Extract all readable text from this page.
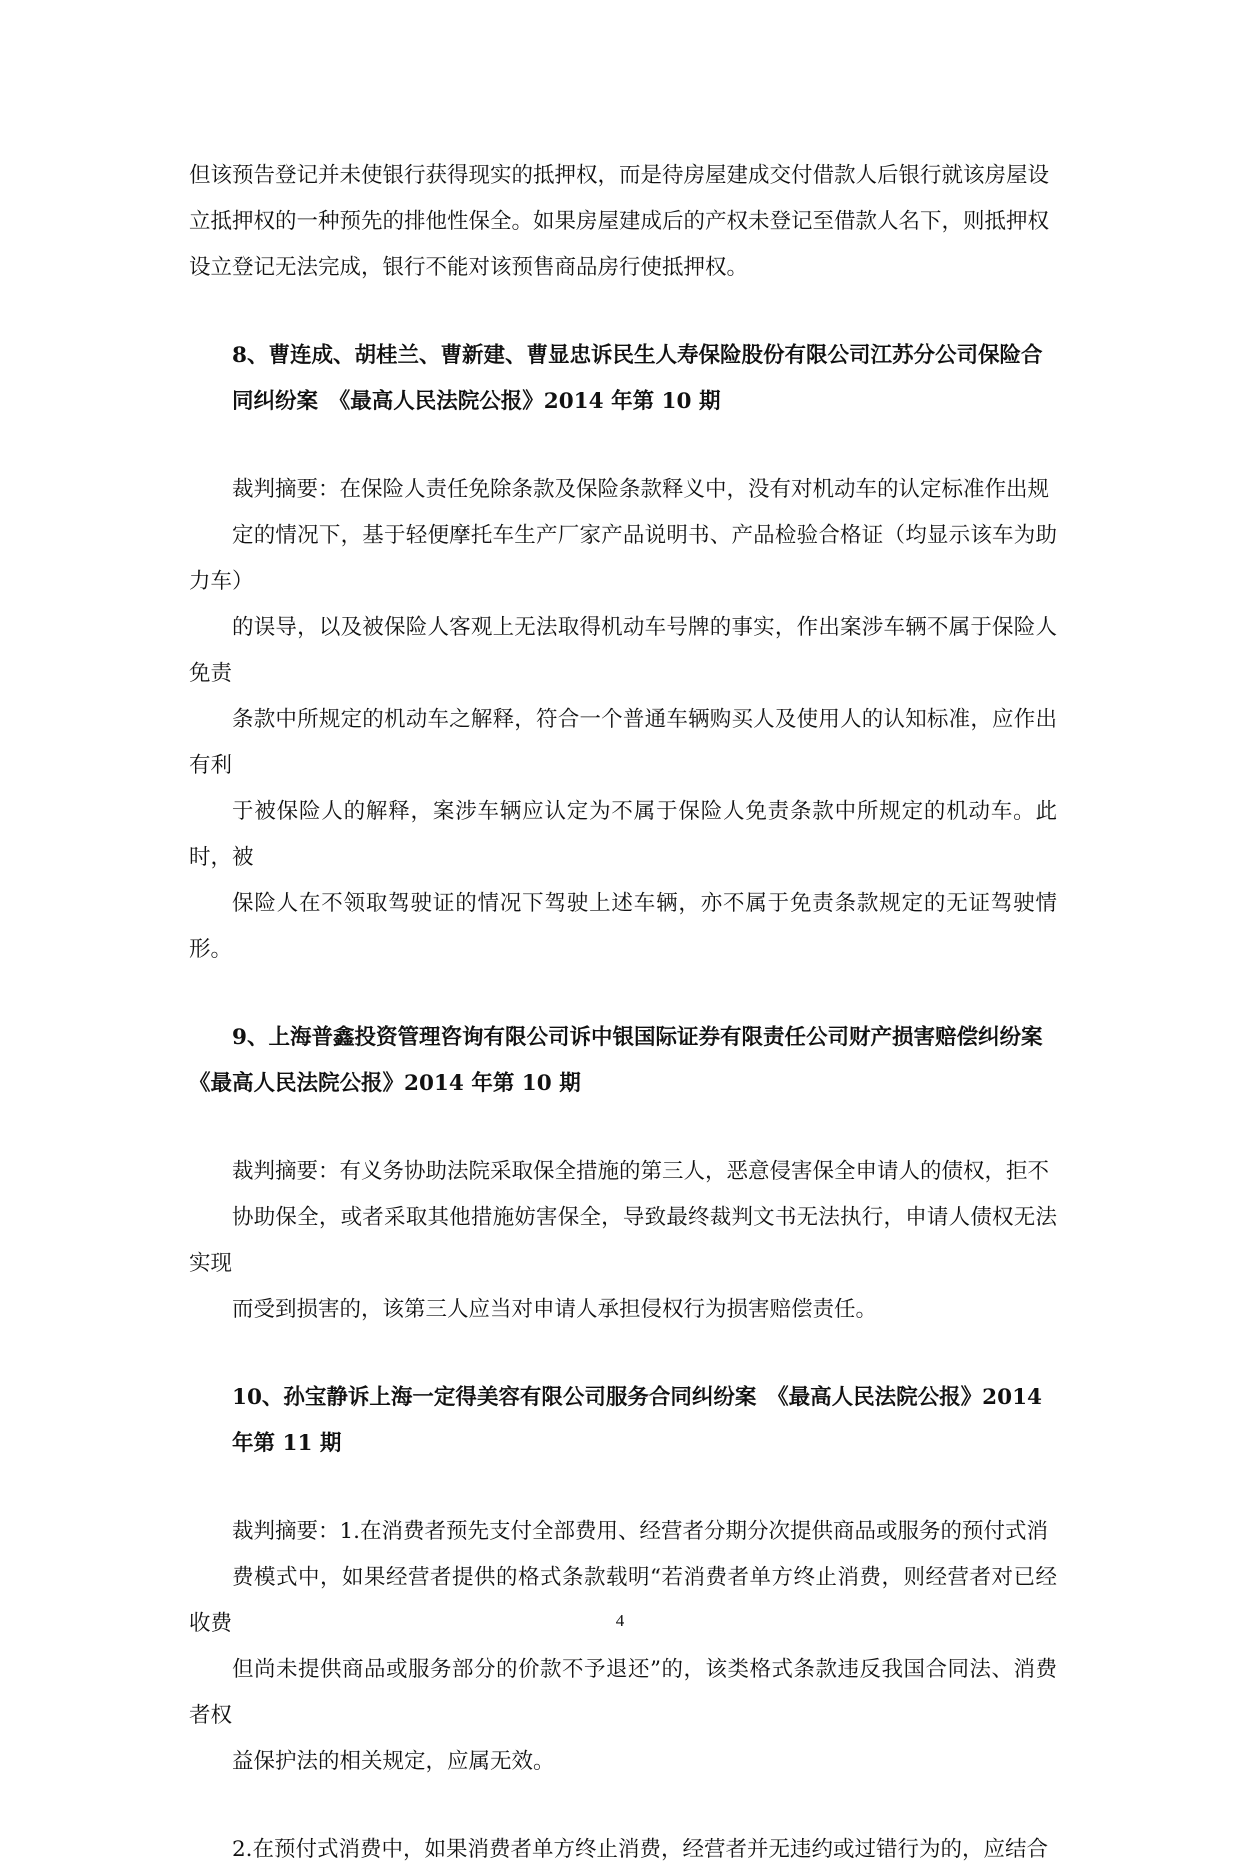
但该预告登记并未使银行获得现实的抵押权，而是待房屋建成交付借款人后银行就该房屋设
立抵押权的一种预先的排他性保全。如果房屋建成后的产权未登记至借款人名下，则抵押权
设立登记无法完成，银行不能对该预售商品房行使抵押权。

8、曹连成、胡桂兰、曹新建、曹显忠诉民生人寿保险股份有限公司江苏分公司保险合
同纠纷案　《最高人民法院公报》2014 年第 10 期

裁判摘要：在保险人责任免除条款及保险条款释义中，没有对机动车的认定标准作出规
定的情况下，基于轻便摩托车生产厂家产品说明书、产品检验合格证（均显示该车为助力车）
的误导，以及被保险人客观上无法取得机动车号牌的事实，作出案涉车辆不属于保险人免责
条款中所规定的机动车之解释，符合一个普通车辆购买人及使用人的认知标准，应作出有利
于被保险人的解释，案涉车辆应认定为不属于保险人免责条款中所规定的机动车。此时，被
保险人在不领取驾驶证的情况下驾驶上述车辆，亦不属于免责条款规定的无证驾驶情形。

9、上海普鑫投资管理咨询有限公司诉中银国际证券有限责任公司财产损害赔偿纠纷案
《最高人民法院公报》2014 年第 10 期

裁判摘要：有义务协助法院采取保全措施的第三人，恶意侵害保全申请人的债权，拒不
协助保全，或者采取其他措施妨害保全，导致最终裁判文书无法执行，申请人债权无法实现
而受到损害的，该第三人应当对申请人承担侵权行为损害赔偿责任。

10、孙宝静诉上海一定得美容有限公司服务合同纠纷案　《最高人民法院公报》2014
年第 11 期

裁判摘要：1.在消费者预先支付全部费用、经营者分期分次提供商品或服务的预付式消
费模式中，如果经营者提供的格式条款载明“若消费者单方终止消费，则经营者对已经收费
但尚未提供商品或服务部分的价款不予退还”的，该类格式条款违反我国合同法、消费者权
益保护法的相关规定，应属无效。

2.在预付式消费中，如果消费者单方终止消费，经营者并无违约或过错行为的，应结合

4
